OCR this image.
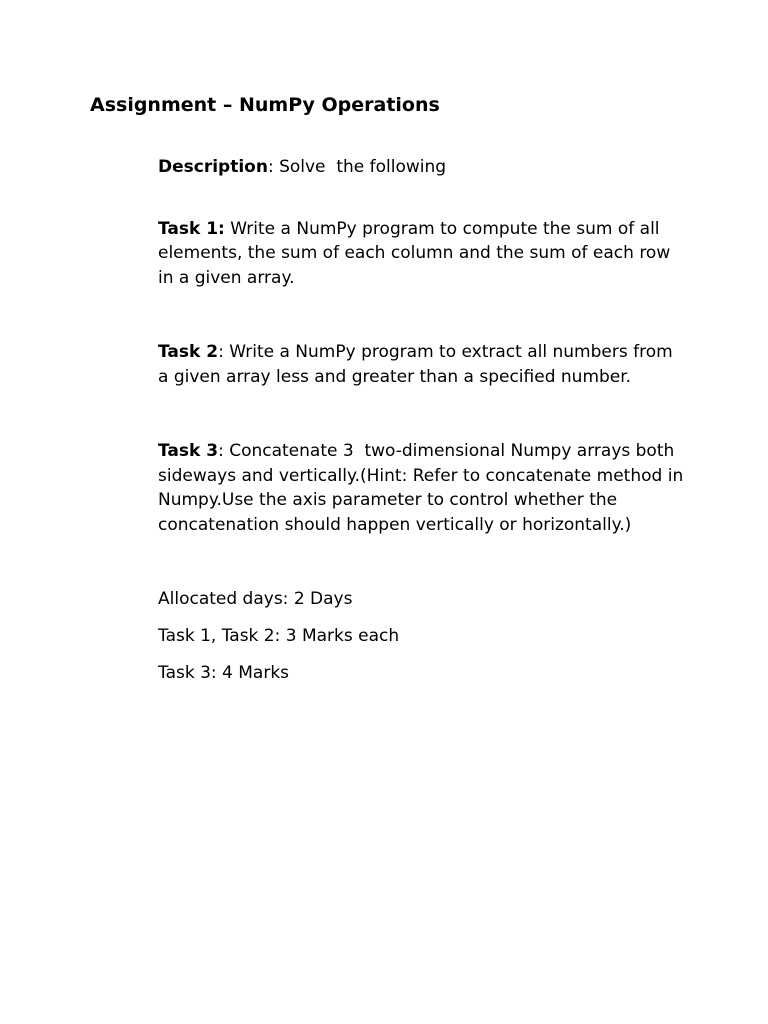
Assignment – NumPy Operations

Description: Solve  the following

Task 1: Write a NumPy program to compute the sum of all elements, the sum of each column and the sum of each row in a given array.

Task 2: Write a NumPy program to extract all numbers from a given array less and greater than a specified number.

Task 3: Concatenate 3  two-dimensional Numpy arrays both sideways and vertically.(Hint: Refer to concatenate method in Numpy.Use the axis parameter to control whether the concatenation should happen vertically or horizontally.)

Allocated days: 2 Days

Task 1, Task 2: 3 Marks each

Task 3: 4 Marks
